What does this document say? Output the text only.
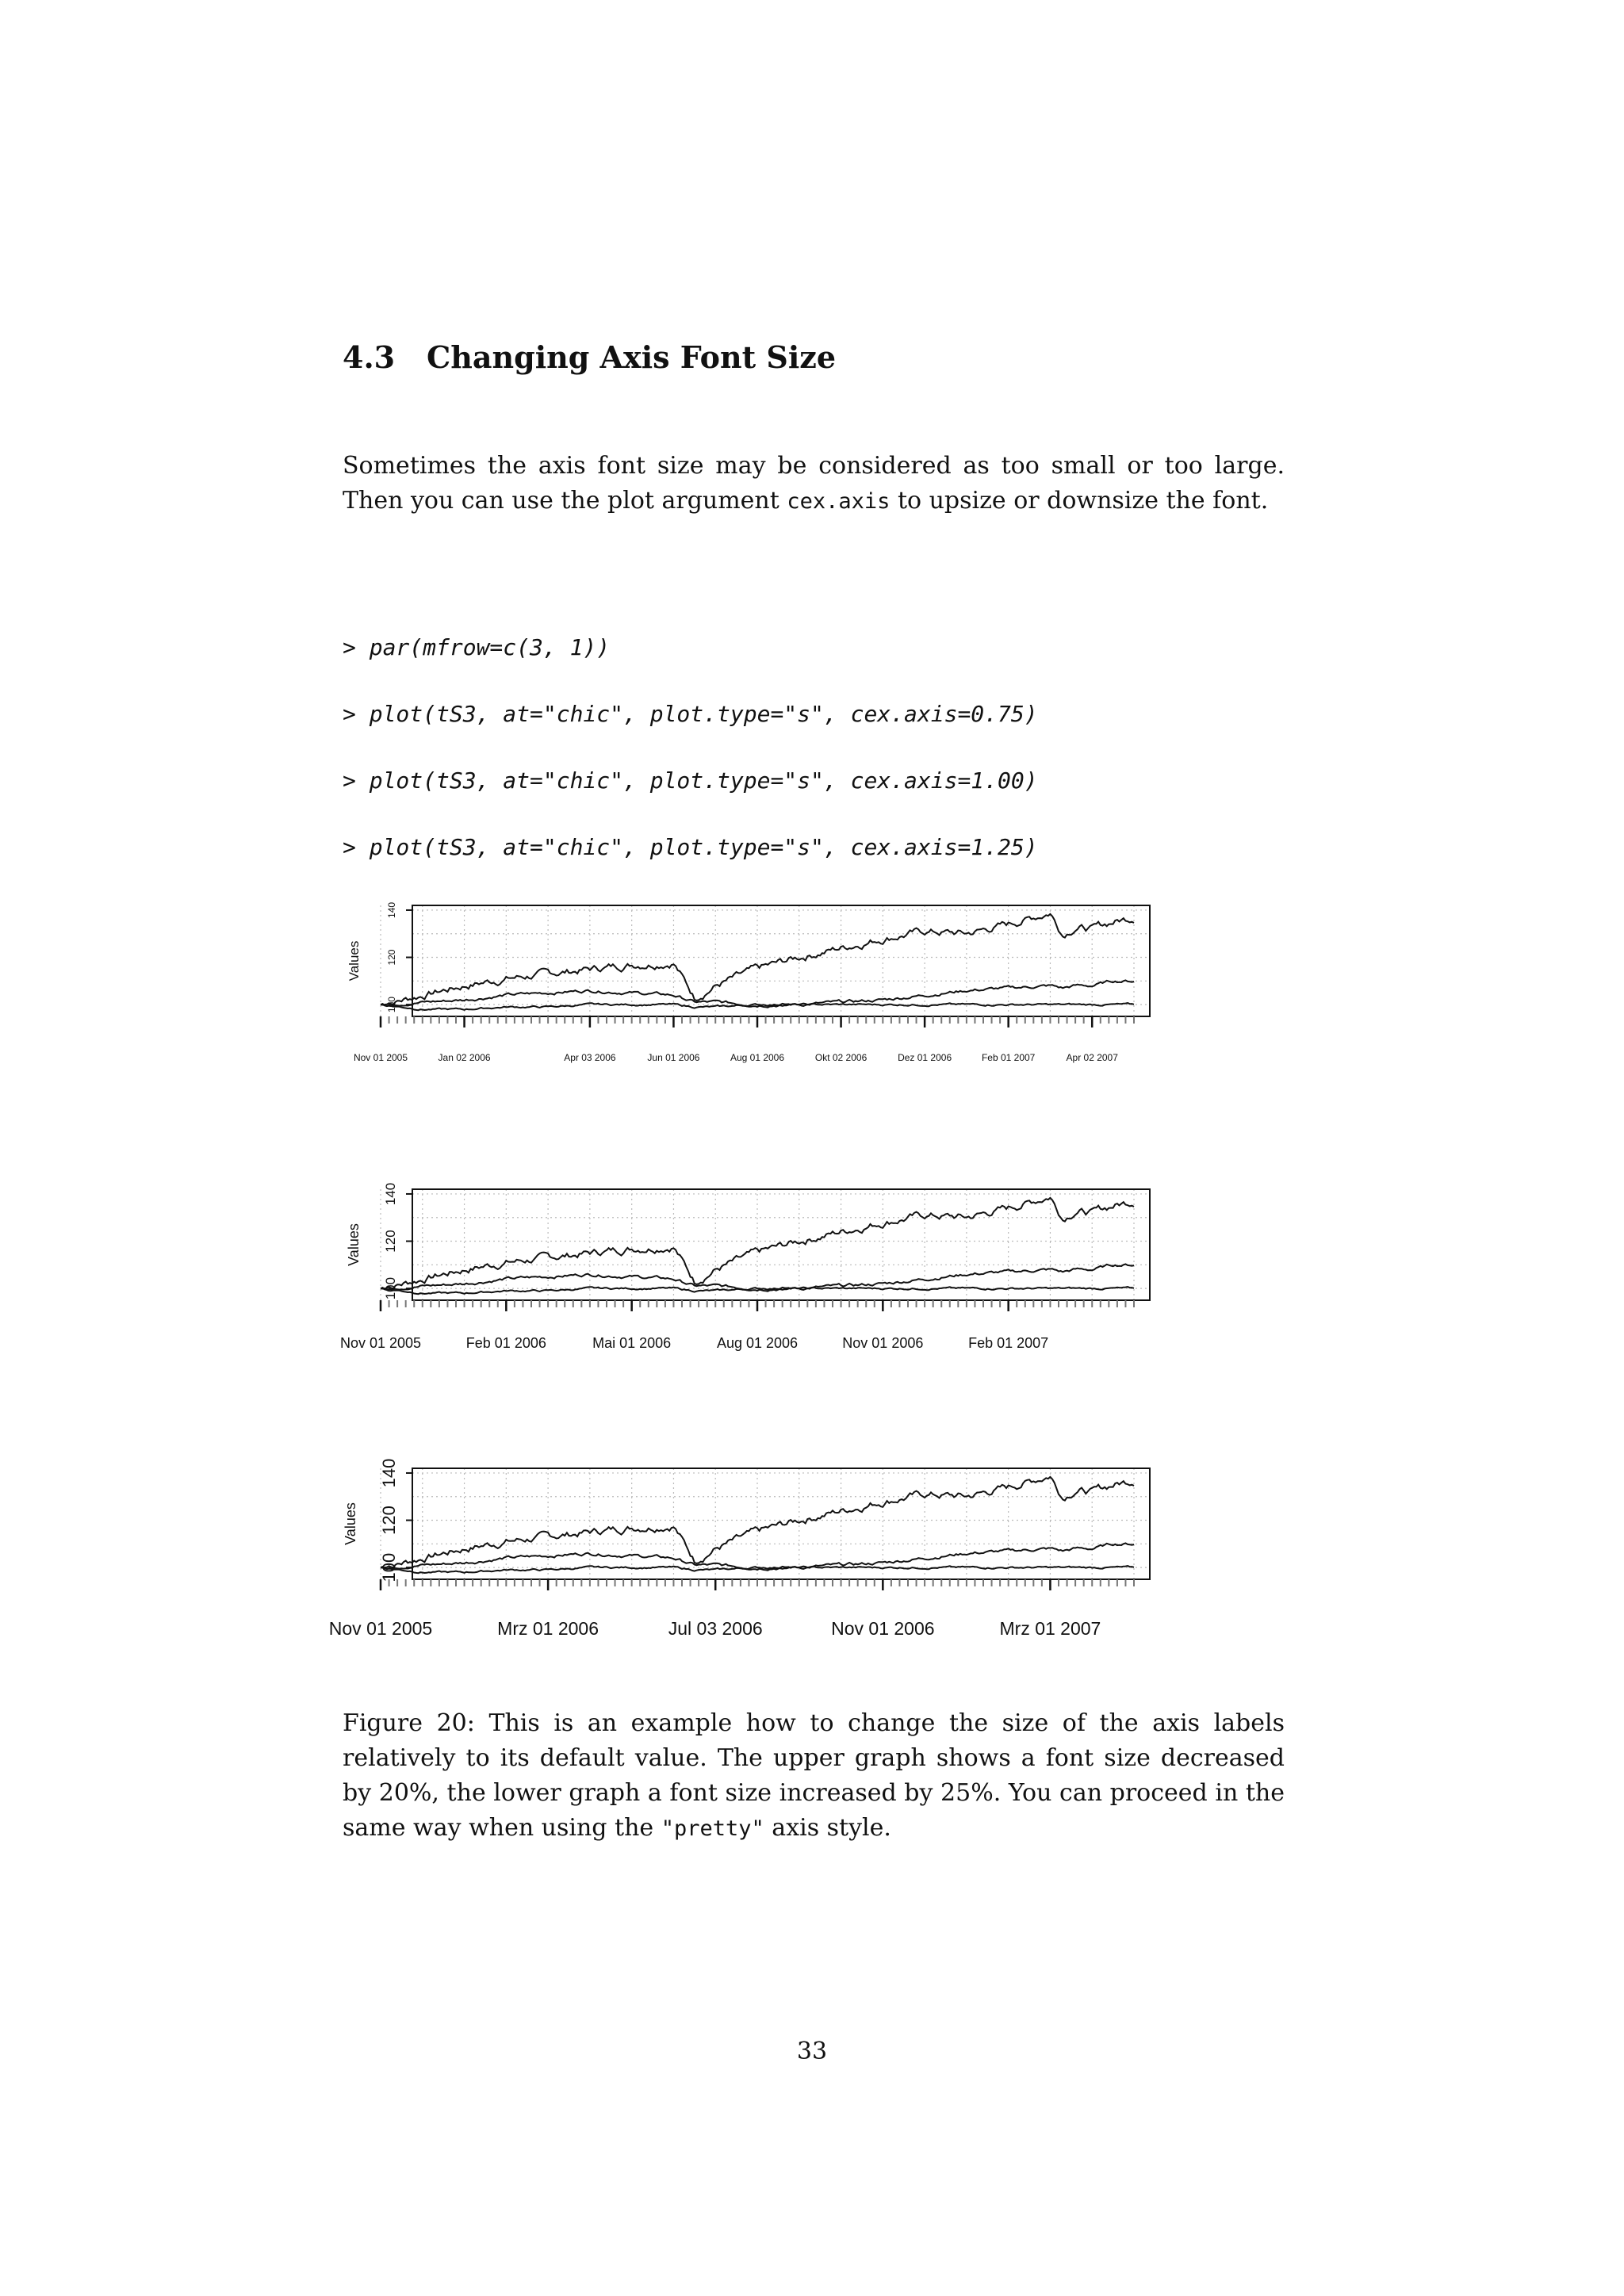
4.3 Changing Axis Font Size
Sometimes the axis font size may be considered as too small or too large. Then you can use the plot argument cex.axis to upsize or downsize the font.

> par(mfrow=c(3, 1))

> plot(tS3, at="chic", plot.type="s", cex.axis=0.75)

> plot(tS3, at="chic", plot.type="s", cex.axis=1.00)

> plot(tS3, at="chic", plot.type="s", cex.axis=1.25)

100
120
140
Nov 01 2005	Jan 02 2006	Apr 03 2006	Jun 01 2006	Aug 01 2006	Okt 02 2006	Dez 01 2006	Feb 01 2007	Apr 02 2007
Values
100
120
140
Nov 01 2005	Feb 01 2006	Mai 01 2006	Aug 01 2006	Nov 01 2006	Feb 01 2007
Values
100
120
140
Nov 01 2005	Mrz 01 2006	Jul 03 2006	Nov 01 2006	Mrz 01 2007
Values
Figure 20: This is an example how to change the size of the axis labels relatively to its default value. The upper graph shows a font size decreased by 20%, the lower graph a font size increased by 25%. You can proceed in the same way when using the "pretty" axis style.
33
